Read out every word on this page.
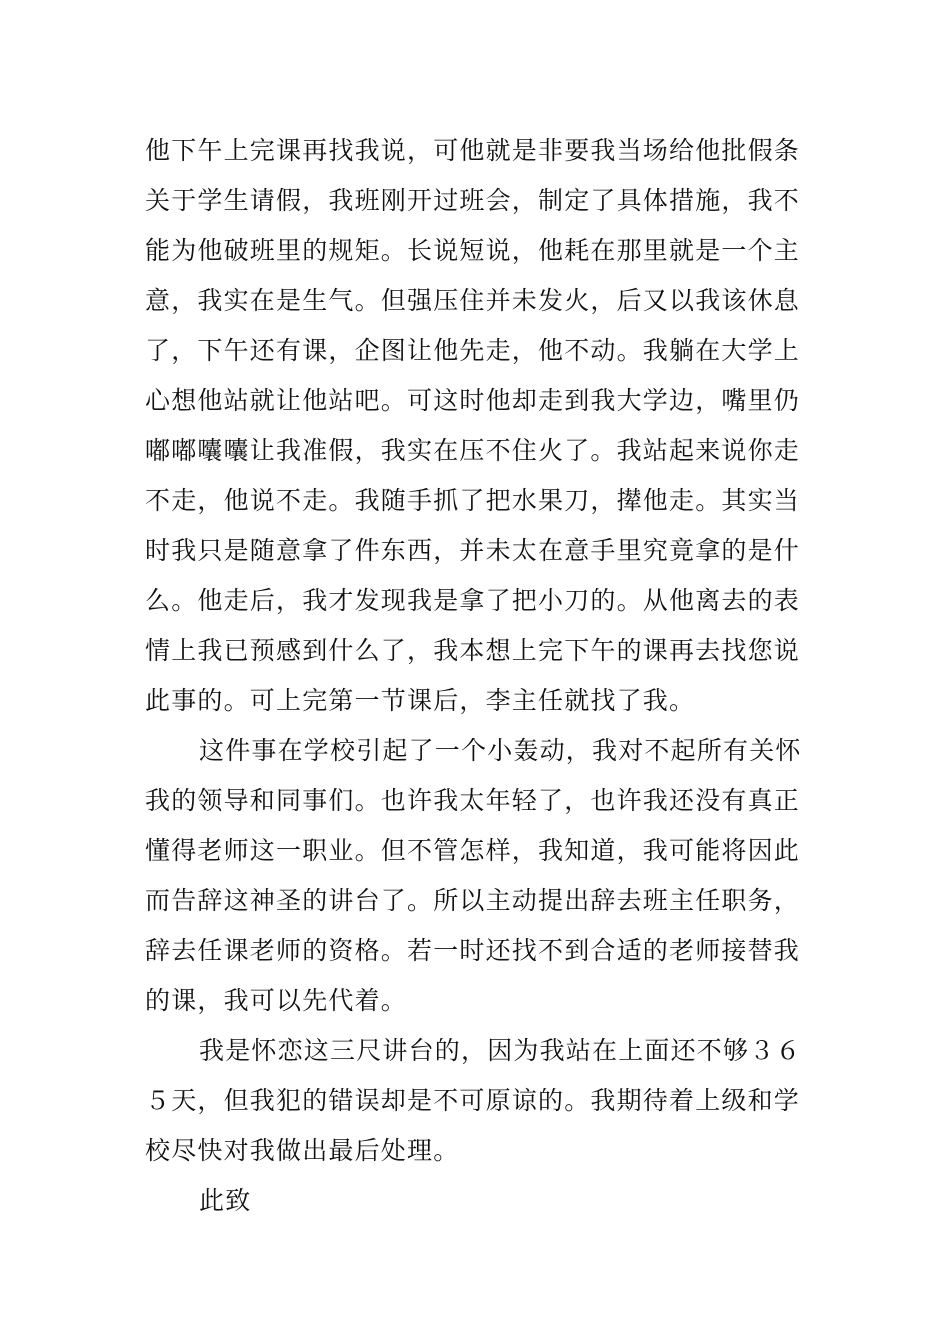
他下午上完课再找我说，可他就是非要我当场给他批假条
关于学生请假，我班刚开过班会，制定了具体措施，我不
能为他破班里的规矩。长说短说，他耗在那里就是一个主
意，我实在是生气。但强压住并未发火，后又以我该休息
了，下午还有课，企图让他先走，他不动。我躺在大学上
心想他站就让他站吧。可这时他却走到我大学边，嘴里仍
嘟嘟囔囔让我准假，我实在压不住火了。我站起来说你走
不走，他说不走。我随手抓了把水果刀，撵他走。其实当
时我只是随意拿了件东西，并未太在意手里究竟拿的是什
么。他走后，我才发现我是拿了把小刀的。从他离去的表
情上我已预感到什么了，我本想上完下午的课再去找您说
此事的。可上完第一节课后，李主任就找了我。
这件事在学校引起了一个小轰动，我对不起所有关怀
我的领导和同事们。也许我太年轻了，也许我还没有真正
懂得老师这一职业。但不管怎样，我知道，我可能将因此
而告辞这神圣的讲台了。所以主动提出辞去班主任职务，
辞去任课老师的资格。若一时还找不到合适的老师接替我
的课，我可以先代着。
我是怀恋这三尺讲台的，因为我站在上面还不够３６
５天，但我犯的错误却是不可原谅的。我期待着上级和学
校尽快对我做出最后处理。
此致
